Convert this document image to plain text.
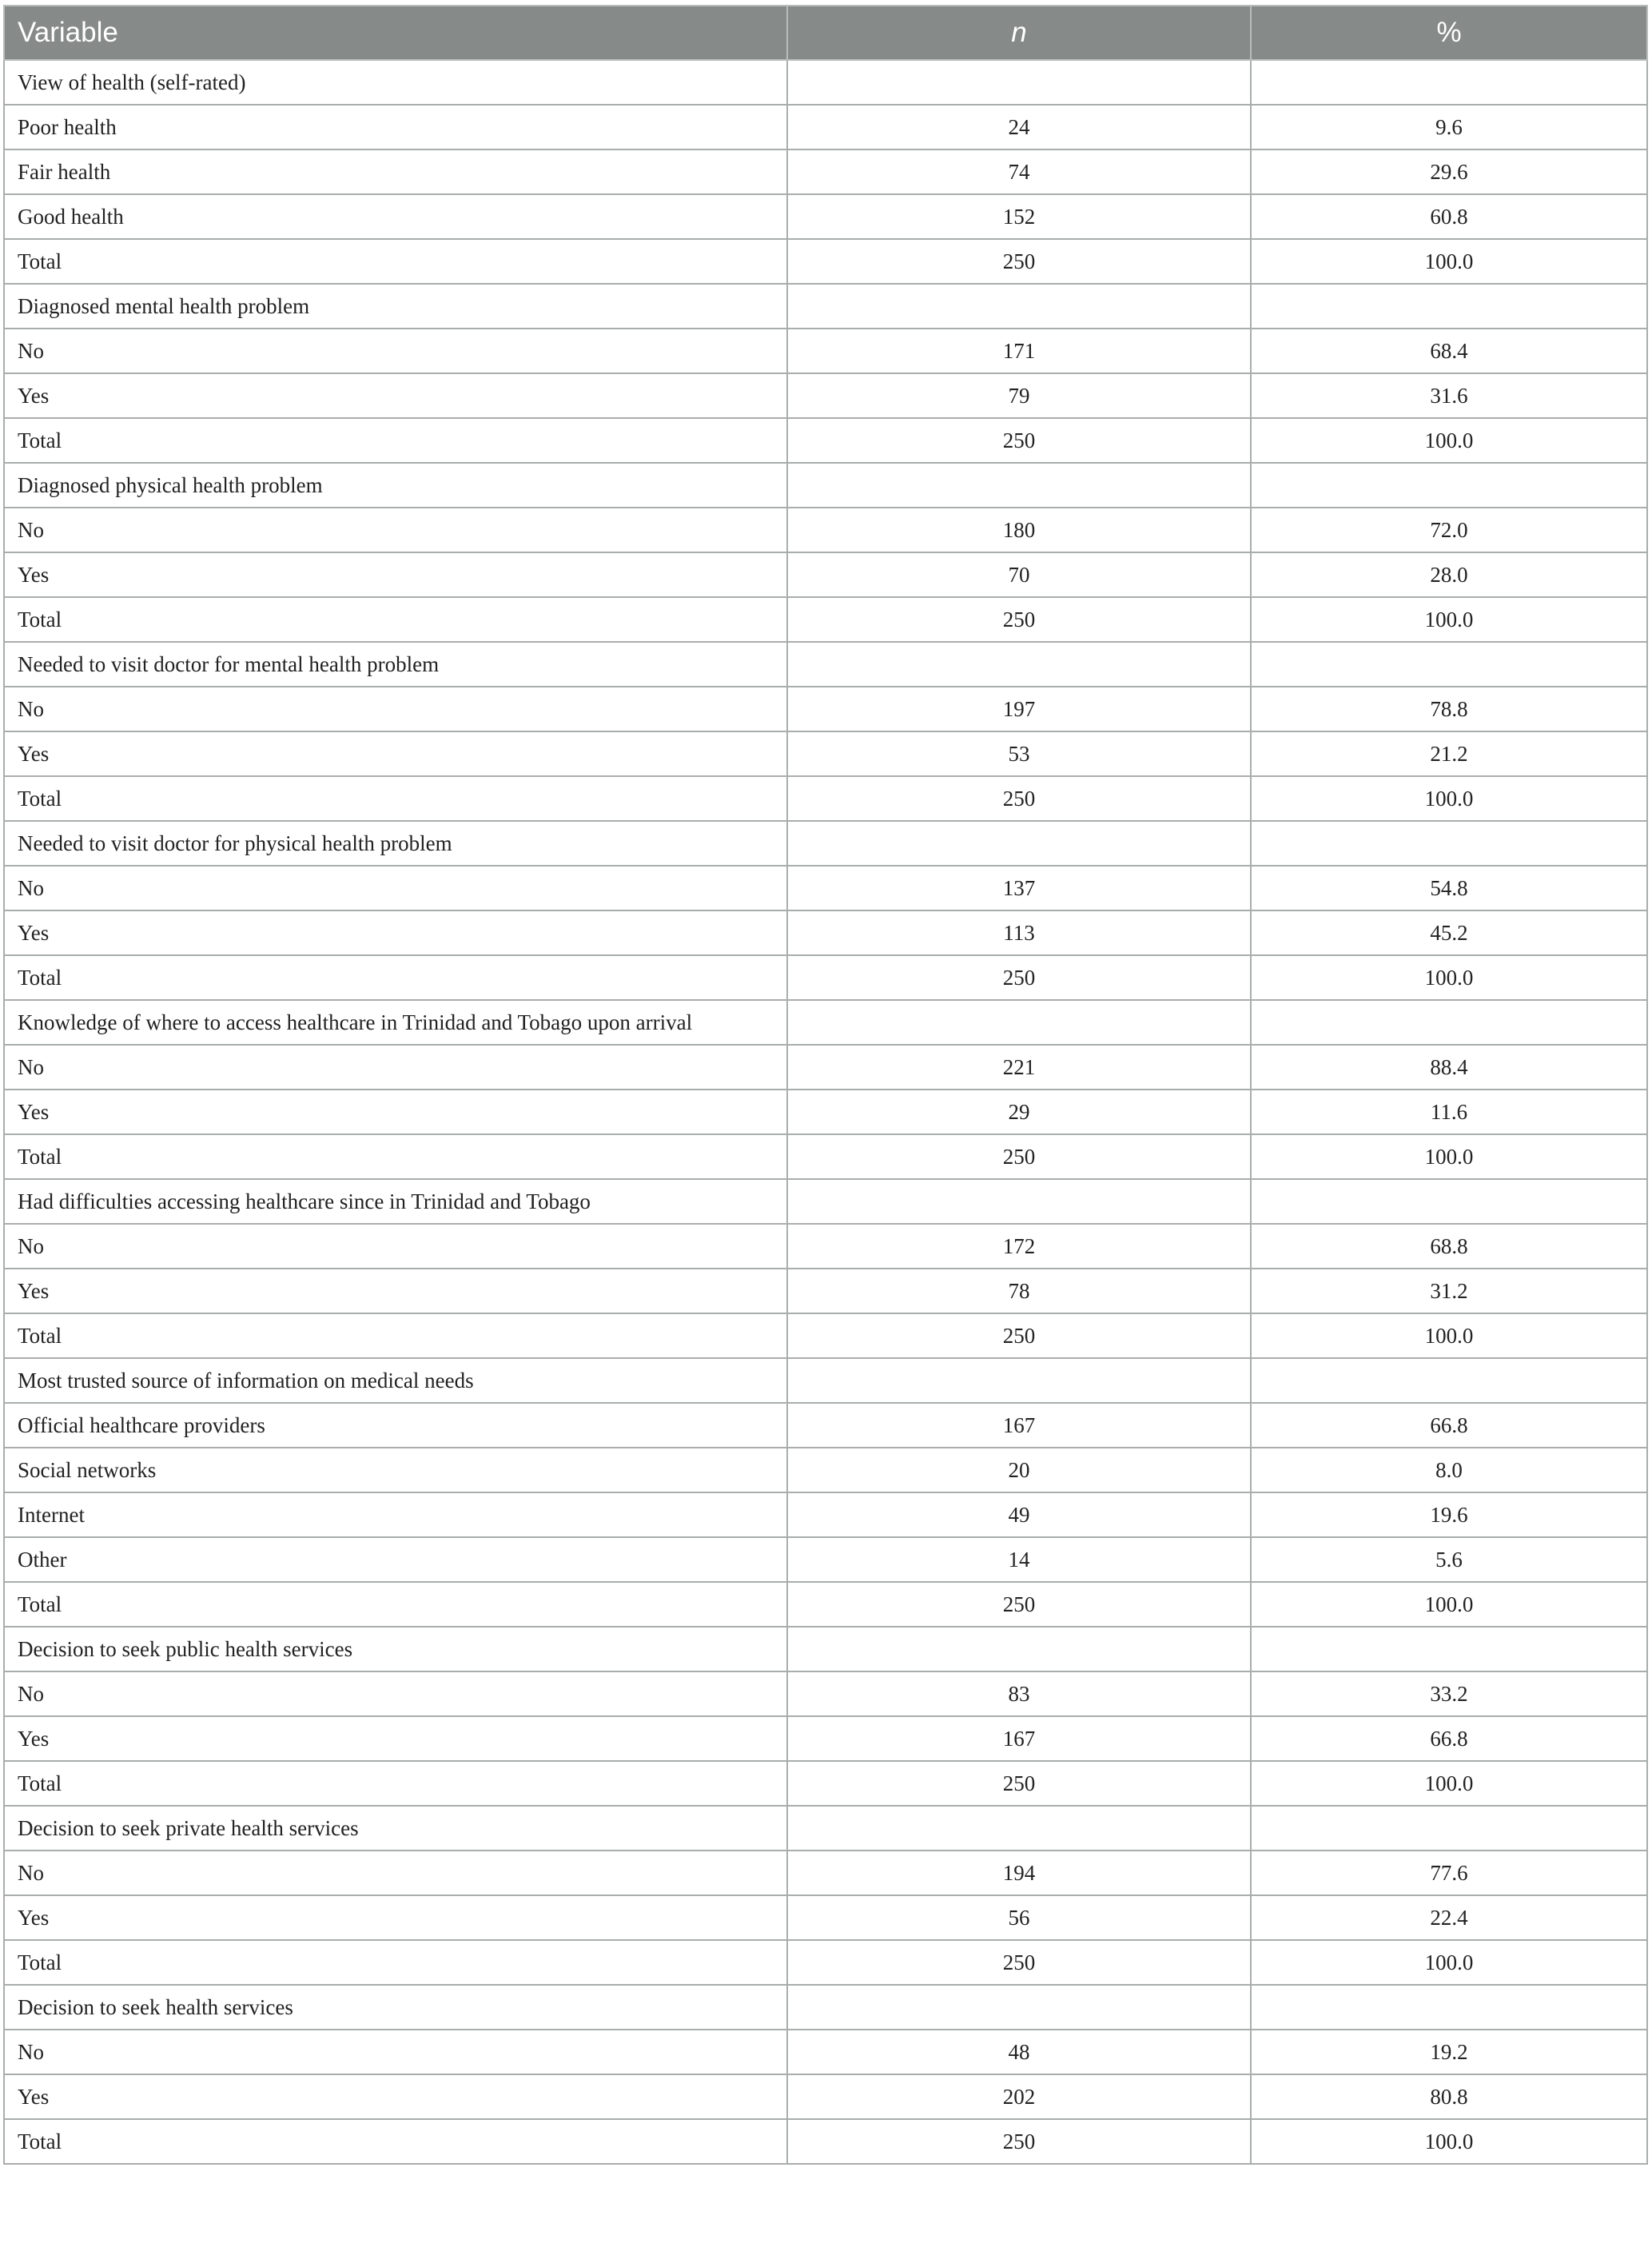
Variable	n	%
View of health (self-rated)		
Poor health	24	9.6
Fair health	74	29.6
Good health	152	60.8
Total	250	100.0
Diagnosed mental health problem		
No	171	68.4
Yes	79	31.6
Total	250	100.0
Diagnosed physical health problem		
No	180	72.0
Yes	70	28.0
Total	250	100.0
Needed to visit doctor for mental health problem		
No	197	78.8
Yes	53	21.2
Total	250	100.0
Needed to visit doctor for physical health problem		
No	137	54.8
Yes	113	45.2
Total	250	100.0
Knowledge of where to access healthcare in Trinidad and Tobago upon arrival		
No	221	88.4
Yes	29	11.6
Total	250	100.0
Had difficulties accessing healthcare since in Trinidad and Tobago		
No	172	68.8
Yes	78	31.2
Total	250	100.0
Most trusted source of information on medical needs		
Official healthcare providers	167	66.8
Social networks	20	8.0
Internet	49	19.6
Other	14	5.6
Total	250	100.0
Decision to seek public health services		
No	83	33.2
Yes	167	66.8
Total	250	100.0
Decision to seek private health services		
No	194	77.6
Yes	56	22.4
Total	250	100.0
Decision to seek health services		
No	48	19.2
Yes	202	80.8
Total	250	100.0
